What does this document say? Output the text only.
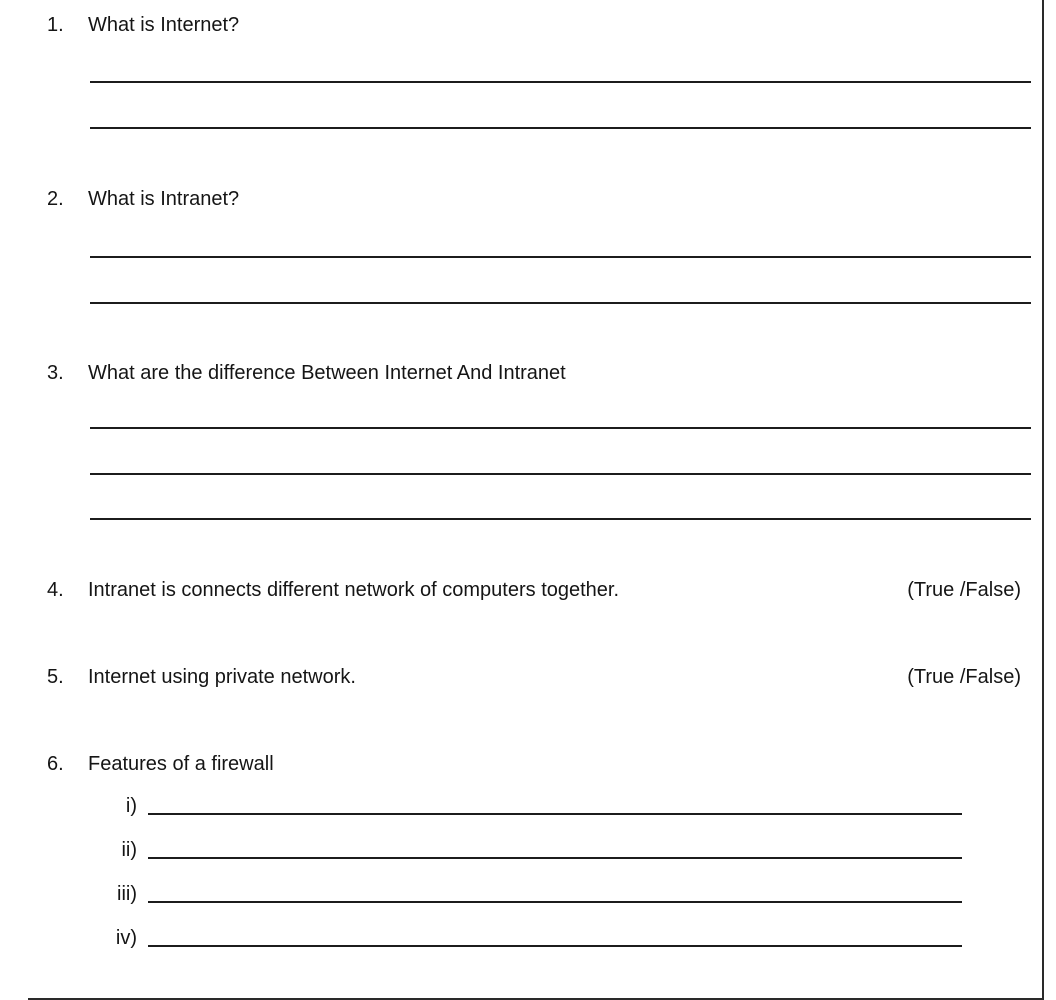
1.	What is Internet?
2.	What is Intranet?
3.	What are the difference Between Internet And Intranet
4.	Intranet is connects different network of computers together.	(True /False)
5.	Internet using private network.	(True /False)
6.	Features of a firewall
i)
ii)
iii)
iv)
